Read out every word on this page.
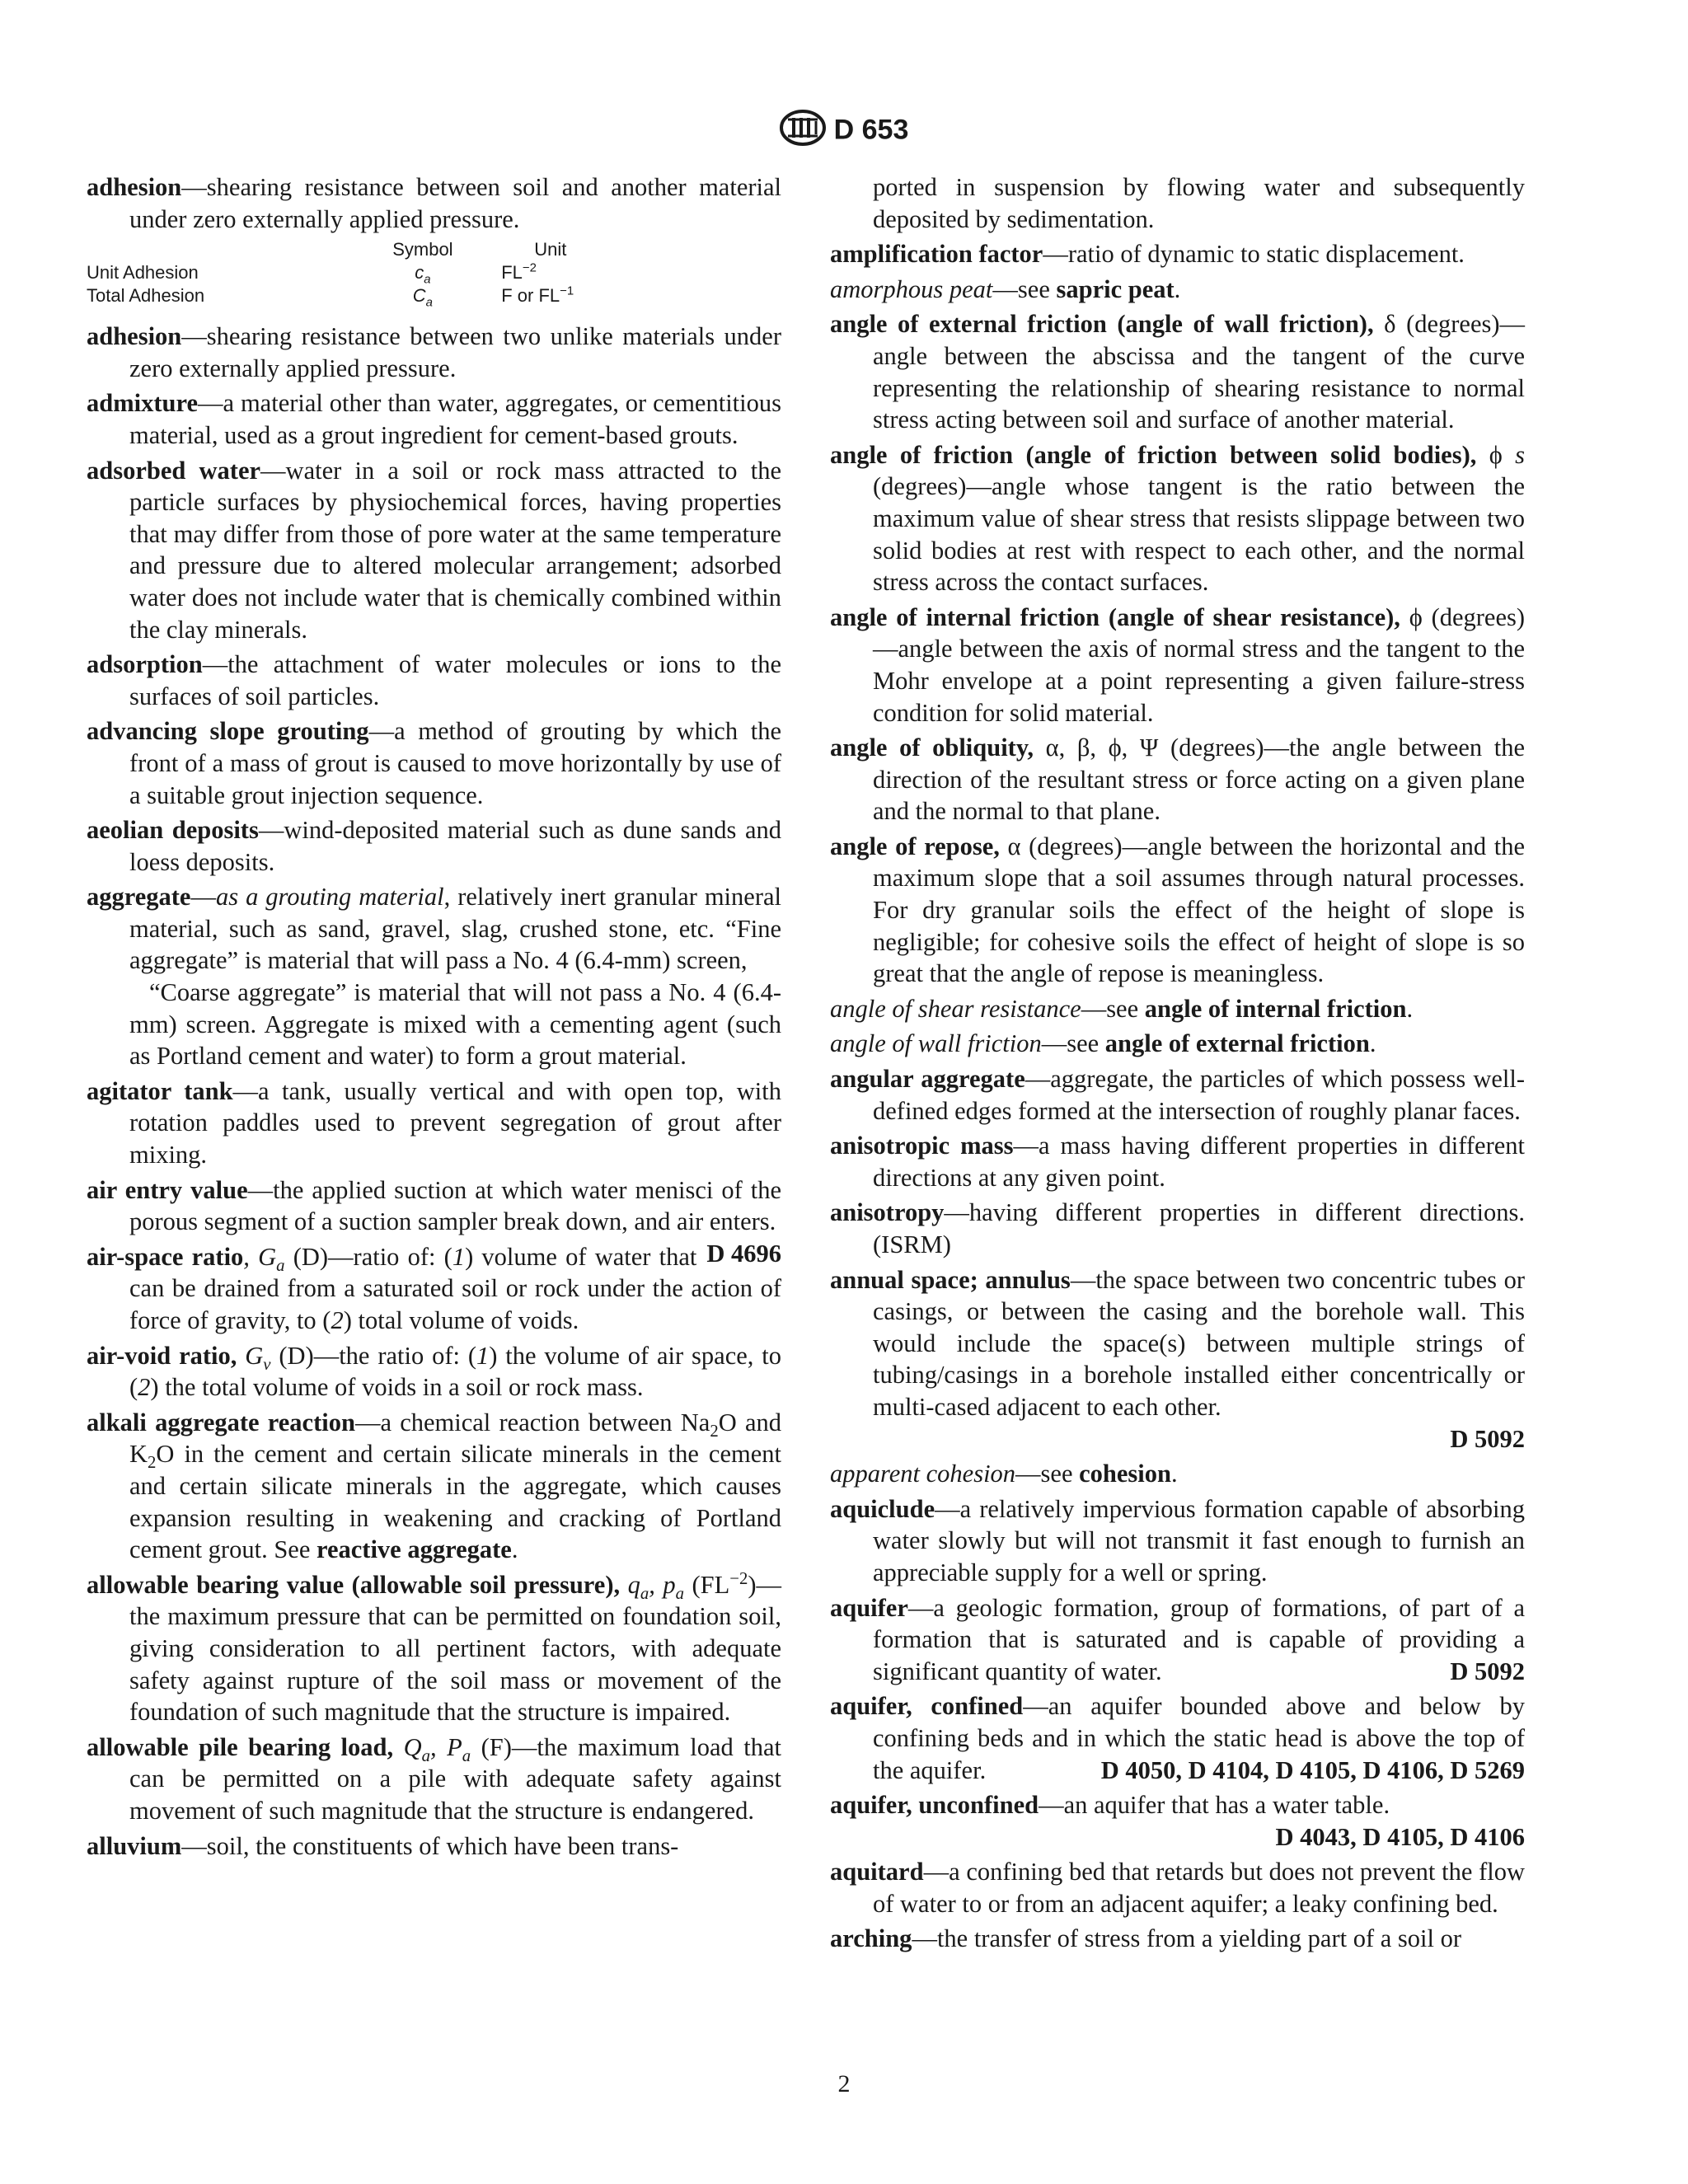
D 653

adhesion—shearing resistance between soil and another material under zero externally applied pressure.

	Symbol	Unit
Unit Adhesion	$c_a$	$FL^{-2}$
Total Adhesion	$C_a$	F or $FL^{-1}$

adhesion—shearing resistance between two unlike materials under zero externally applied pressure.

admixture—a material other than water, aggregates, or cementitious material, used as a grout ingredient for cement-based grouts.

adsorbed water—water in a soil or rock mass attracted to the particle surfaces by physiochemical forces, having properties that may differ from those of pore water at the same temperature and pressure due to altered molecular arrangement; adsorbed water does not include water that is chemically combined within the clay minerals.

adsorption—the attachment of water molecules or ions to the surfaces of soil particles.

advancing slope grouting—a method of grouting by which the front of a mass of grout is caused to move horizontally by use of a suitable grout injection sequence.

aeolian deposits—wind-deposited material such as dune sands and loess deposits.

aggregate—as a grouting material, relatively inert granular mineral material, such as sand, gravel, slag, crushed stone, etc. “Fine aggregate” is material that will pass a No. 4 (6.4-mm) screen,

“Coarse aggregate” is material that will not pass a No. 4 (6.4-mm) screen. Aggregate is mixed with a cementing agent (such as Portland cement and water) to form a grout material.

agitator tank—a tank, usually vertical and with open top, with rotation paddles used to prevent segregation of grout after mixing.

air entry value—the applied suction at which water menisci of the porous segment of a suction sampler break down, and air enters.
D 4696

air-space ratio, $G_a$ (D)—ratio of: (1) volume of water that can be drained from a saturated soil or rock under the action of force of gravity, to (2) total volume of voids.

air-void ratio, $G_v$ (D)—the ratio of: (1) the volume of air space, to (2) the total volume of voids in a soil or rock mass.

alkali aggregate reaction—a chemical reaction between $Na_2O$ and $K_2O$ in the cement and certain silicate minerals in the cement and certain silicate minerals in the aggregate, which causes expansion resulting in weakening and cracking of Portland cement grout. See reactive aggregate.

allowable bearing value (allowable soil pressure), $q_a$, $p_a$ $(FL^{-2})—the$ maximum pressure that can be permitted on foundation soil, giving consideration to all pertinent factors, with adequate safety against rupture of the soil mass or movement of the foundation of such magnitude that the structure is impaired.

allowable pile bearing load, $Q_a$, $P_a$ (F)—the maximum load that can be permitted on a pile with adequate safety against movement of such magnitude that the structure is endangered.

alluvium—soil, the constituents of which have been trans-

ported in suspension by flowing water and subsequently deposited by sedimentation.

amplification factor—ratio of dynamic to static displacement.

amorphous peat—see sapric peat.

angle of external friction (angle of wall friction), δ (degrees)—angle between the abscissa and the tangent of the curve representing the relationship of shearing resistance to normal stress acting between soil and surface of another material.

angle of friction (angle of friction between solid bodies), ϕ s (degrees)—angle whose tangent is the ratio between the maximum value of shear stress that resists slippage between two solid bodies at rest with respect to each other, and the normal stress across the contact surfaces.

angle of internal friction (angle of shear resistance), ϕ (degrees)—angle between the axis of normal stress and the tangent to the Mohr envelope at a point representing a given failure-stress condition for solid material.

angle of obliquity, α, β, ϕ, Ψ (degrees)—the angle between the direction of the resultant stress or force acting on a given plane and the normal to that plane.

angle of repose, α (degrees)—angle between the horizontal and the maximum slope that a soil assumes through natural processes. For dry granular soils the effect of the height of slope is negligible; for cohesive soils the effect of height of slope is so great that the angle of repose is meaningless.

angle of shear resistance—see angle of internal friction.

angle of wall friction—see angle of external friction.

angular aggregate—aggregate, the particles of which possess well-defined edges formed at the intersection of roughly planar faces.

anisotropic mass—a mass having different properties in different directions at any given point.

anisotropy—having different properties in different directions. (ISRM)

annual space; annulus—the space between two concentric tubes or casings, or between the casing and the borehole wall. This would include the space(s) between multiple strings of tubing/casings in a borehole installed either concentrically or multi-cased adjacent to each other.

D 5092

apparent cohesion—see cohesion.

aquiclude—a relatively impervious formation capable of absorbing water slowly but will not transmit it fast enough to furnish an appreciable supply for a well or spring.

aquifer—a geologic formation, group of formations, of part of a formation that is saturated and is capable of providing a significant quantity of water.	D 5092

aquifer, confined—an aquifer bounded above and below by confining beds and in which the static head is above the top of the aquifer.	D 4050, D 4104, D 4105, D 4106, D 5269

aquifer, unconfined—an aquifer that has a water table.

D 4043, D 4105, D 4106

aquitard—a confining bed that retards but does not prevent the flow of water to or from an adjacent aquifer; a leaky confining bed.

arching—the transfer of stress from a yielding part of a soil or

2
